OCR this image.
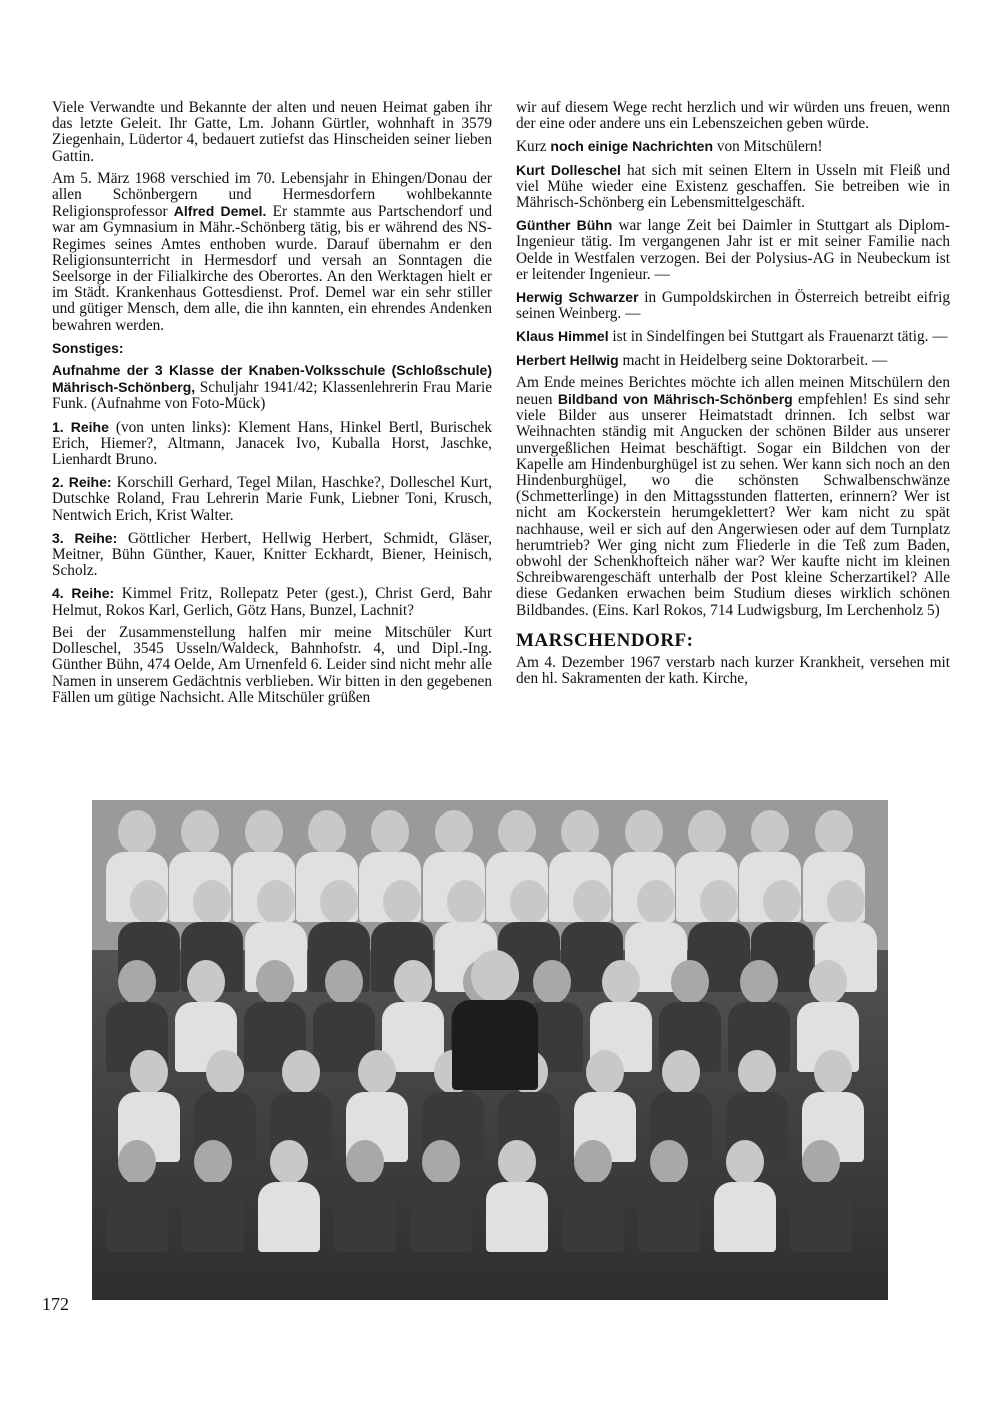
Viele Verwandte und Bekannte der alten und neuen Heimat gaben ihr das letzte Geleit. Ihr Gatte, Lm. Johann Gürtler, wohnhaft in 3579 Ziegenhain, Lüdertor 4, bedauert zutiefst das Hinscheiden seiner lieben Gattin.

Am 5. März 1968 verschied im 70. Lebensjahr in Ehingen/Donau der allen Schönbergern und Hermesdorfern wohlbekannte Religionsprofessor Alfred Demel. Er stammte aus Partschendorf und war am Gymnasium in Mähr.-Schönberg tätig, bis er während des NS-Regimes seines Amtes enthoben wurde. Darauf übernahm er den Religionsunterricht in Hermesdorf und versah an Sonntagen die Seelsorge in der Filialkirche des Oberortes. An den Werktagen hielt er im Städt. Krankenhaus Gottesdienst. Prof. Demel war ein sehr stiller und gütiger Mensch, dem alle, die ihn kannten, ein ehrendes Andenken bewahren werden.

Sonstiges:

Aufnahme der 3 Klasse der Knaben-Volksschule (Schloßschule) Mährisch-Schönberg, Schuljahr 1941/42; Klassenlehrerin Frau Marie Funk. (Aufnahme von Foto-Mück)

1. Reihe (von unten links): Klement Hans, Hinkel Bertl, Burischek Erich, Hiemer?, Altmann, Janacek Ivo, Kuballa Horst, Jaschke, Lienhardt Bruno.

2. Reihe: Korschill Gerhard, Tegel Milan, Haschke?, Dolleschel Kurt, Dutschke Roland, Frau Lehrerin Marie Funk, Liebner Toni, Krusch, Nentwich Erich, Krist Walter.

3. Reihe: Göttlicher Herbert, Hellwig Herbert, Schmidt, Gläser, Meitner, Bühn Günther, Kauer, Knitter Eckhardt, Biener, Heinisch, Scholz.

4. Reihe: Kimmel Fritz, Rollepatz Peter (gest.), Christ Gerd, Bahr Helmut, Rokos Karl, Gerlich, Götz Hans, Bunzel, Lachnit?

Bei der Zusammenstellung halfen mir meine Mitschüler Kurt Dolleschel, 3545 Usseln/Waldeck, Bahnhofstr. 4, und Dipl.-Ing. Günther Bühn, 474 Oelde, Am Urnenfeld 6. Leider sind nicht mehr alle Namen in unserem Gedächtnis verblieben. Wir bitten in den gegebenen Fällen um gütige Nachsicht. Alle Mitschüler grüßen

wir auf diesem Wege recht herzlich und wir würden uns freuen, wenn der eine oder andere uns ein Lebenszeichen geben würde.

Kurz noch einige Nachrichten von Mitschülern!

Kurt Dolleschel hat sich mit seinen Eltern in Usseln mit Fleiß und viel Mühe wieder eine Existenz geschaffen. Sie betreiben wie in Mährisch-Schönberg ein Lebensmittelgeschäft.

Günther Bühn war lange Zeit bei Daimler in Stuttgart als Diplom-Ingenieur tätig. Im vergangenen Jahr ist er mit seiner Familie nach Oelde in Westfalen verzogen. Bei der Polysius-AG in Neubeckum ist er leitender Ingenieur. —

Herwig Schwarzer in Gumpoldskirchen in Österreich betreibt eifrig seinen Weinberg. —

Klaus Himmel ist in Sindelfingen bei Stuttgart als Frauenarzt tätig. —

Herbert Hellwig macht in Heidelberg seine Doktorarbeit. —

Am Ende meines Berichtes möchte ich allen meinen Mitschülern den neuen Bildband von Mährisch-Schönberg empfehlen! Es sind sehr viele Bilder aus unserer Heimatstadt drinnen. Ich selbst war Weihnachten ständig mit Angucken der schönen Bilder aus unserer unvergeßlichen Heimat beschäftigt. Sogar ein Bildchen von der Kapelle am Hindenburghügel ist zu sehen. Wer kann sich noch an den Hindenburghügel, wo die schönsten Schwalbenschwänze (Schmetterlinge) in den Mittagsstunden flatterten, erinnern? Wer ist nicht am Kockerstein herumgeklettert? Wer kam nicht zu spät nachhause, weil er sich auf den Angerwiesen oder auf dem Turnplatz herumtrieb? Wer ging nicht zum Fliederle in die Teß zum Baden, obwohl der Schenkhofteich näher war? Wer kaufte nicht im kleinen Schreibwarengeschäft unterhalb der Post kleine Scherzartikel? Alle diese Gedanken erwachen beim Studium dieses wirklich schönen Bildbandes. (Eins. Karl Rokos, 714 Ludwigsburg, Im Lerchenholz 5)

MARSCHENDORF:

Am 4. Dezember 1967 verstarb nach kurzer Krankheit, versehen mit den hl. Sakramenten der kath. Kirche,

172
